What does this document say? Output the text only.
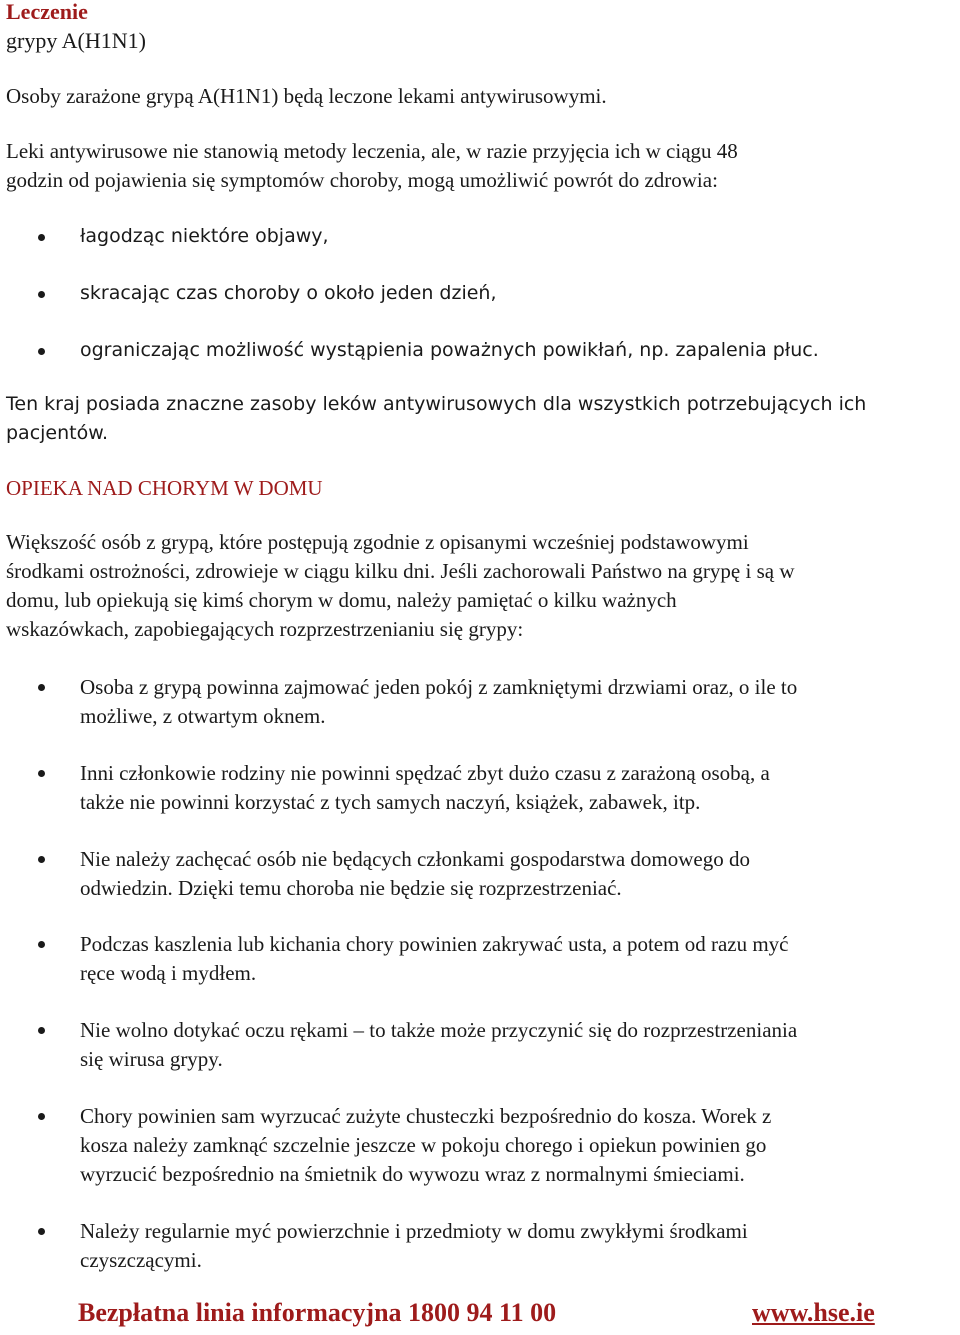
Leczenie
grypy A(H1N1)

Osoby zarażone grypą A(H1N1) będą leczone lekami antywirusowymi.

Leki antywirusowe nie stanowią metody leczenia, ale, w razie przyjęcia ich w ciągu 48

godzin od pojawienia się symptomów choroby, mogą umożliwić powrót do zdrowia:

łagodząc niektóre objawy,

skracając czas choroby o około jeden dzień,

ograniczając możliwość wystąpienia poważnych powikłań, np. zapalenia płuc.

Ten kraj posiada znaczne zasoby leków antywirusowych dla wszystkich potrzebujących ich

pacjentów.

OPIEKA NAD CHORYM W DOMU

Większość osób z grypą, które postępują zgodnie z opisanymi wcześniej podstawowymi

środkami ostrożności, zdrowieje w ciągu kilku dni. Jeśli zachorowali Państwo na grypę i są w

domu, lub opiekują się kimś chorym w domu, należy pamiętać o kilku ważnych

wskazówkach, zapobiegających rozprzestrzenianiu się grypy:

Osoba z grypą powinna zajmować jeden pokój z zamkniętymi drzwiami oraz, o ile to

możliwe, z otwartym oknem.

Inni członkowie rodziny nie powinni spędzać zbyt dużo czasu z zarażoną osobą, a

także nie powinni korzystać z tych samych naczyń, książek, zabawek, itp.

Nie należy zachęcać osób nie będących członkami gospodarstwa domowego do

odwiedzin. Dzięki temu choroba nie będzie się rozprzestrzeniać.

Podczas kaszlenia lub kichania chory powinien zakrywać usta, a potem od razu myć

ręce wodą i mydłem.

Nie wolno dotykać oczu rękami – to także może przyczynić się do rozprzestrzeniania

się wirusa grypy.

Chory powinien sam wyrzucać zużyte chusteczki bezpośrednio do kosza. Worek z

kosza należy zamknąć szczelnie jeszcze w pokoju chorego i opiekun powinien go

wyrzucić bezpośrednio na śmietnik do wywozu wraz z normalnymi śmieciami.

Należy regularnie myć powierzchnie i przedmioty w domu zwykłymi środkami

czyszczącymi.

Bezpłatna linia informacyjna 1800 94 11 00	www.hse.ie
